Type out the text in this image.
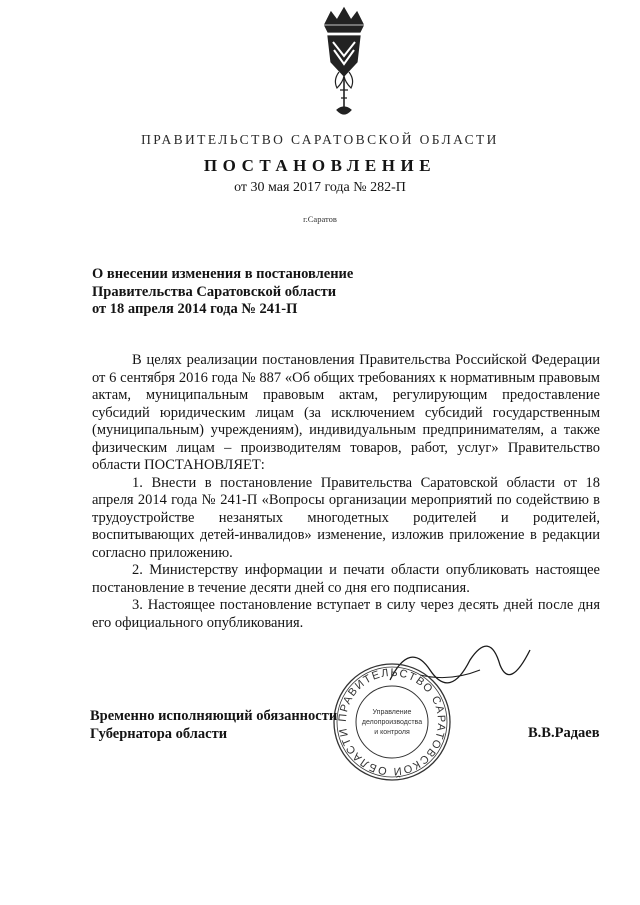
ПРАВИТЕЛЬСТВО САРАТОВСКОЙ ОБЛАСТИ
ПОСТАНОВЛЕНИЕ
от 30 мая 2017 года № 282-П
г.Саратов
О внесении изменения в постановление
Правительства Саратовской области
от 18 апреля 2014 года № 241-П
В целях реализации постановления Правительства Российской Федерации от 6 сентября 2016 года № 887 «Об общих требованиях к нормативным правовым актам, муниципальным правовым актам, регулирующим предоставление субсидий юридическим лицам (за исключением субсидий государственным (муниципальным) учреждениям), индивидуальным предпринимателям, а также физическим лицам – производителям товаров, работ, услуг» Правительство области ПОСТАНОВЛЯЕТ:
1. Внести в постановление Правительства Саратовской области от 18 апреля 2014 года № 241-П «Вопросы организации мероприятий по содействию в трудоустройстве незанятых многодетных родителей и родителей, воспитывающих детей-инвалидов» изменение, изложив приложение в редакции согласно приложению.
2. Министерству информации и печати области опубликовать настоящее постановление в течение десяти дней со дня его подписания.
3. Настоящее постановление вступает в силу через десять дней после дня его официального опубликования.
ПРАВИТЕЛЬСТВО САРАТОВСКОЙ ОБЛАСТИ
Управление
делопроизводства
и контроля
Временно исполняющий обязанности
Губернатора области	В.В.Радаев
